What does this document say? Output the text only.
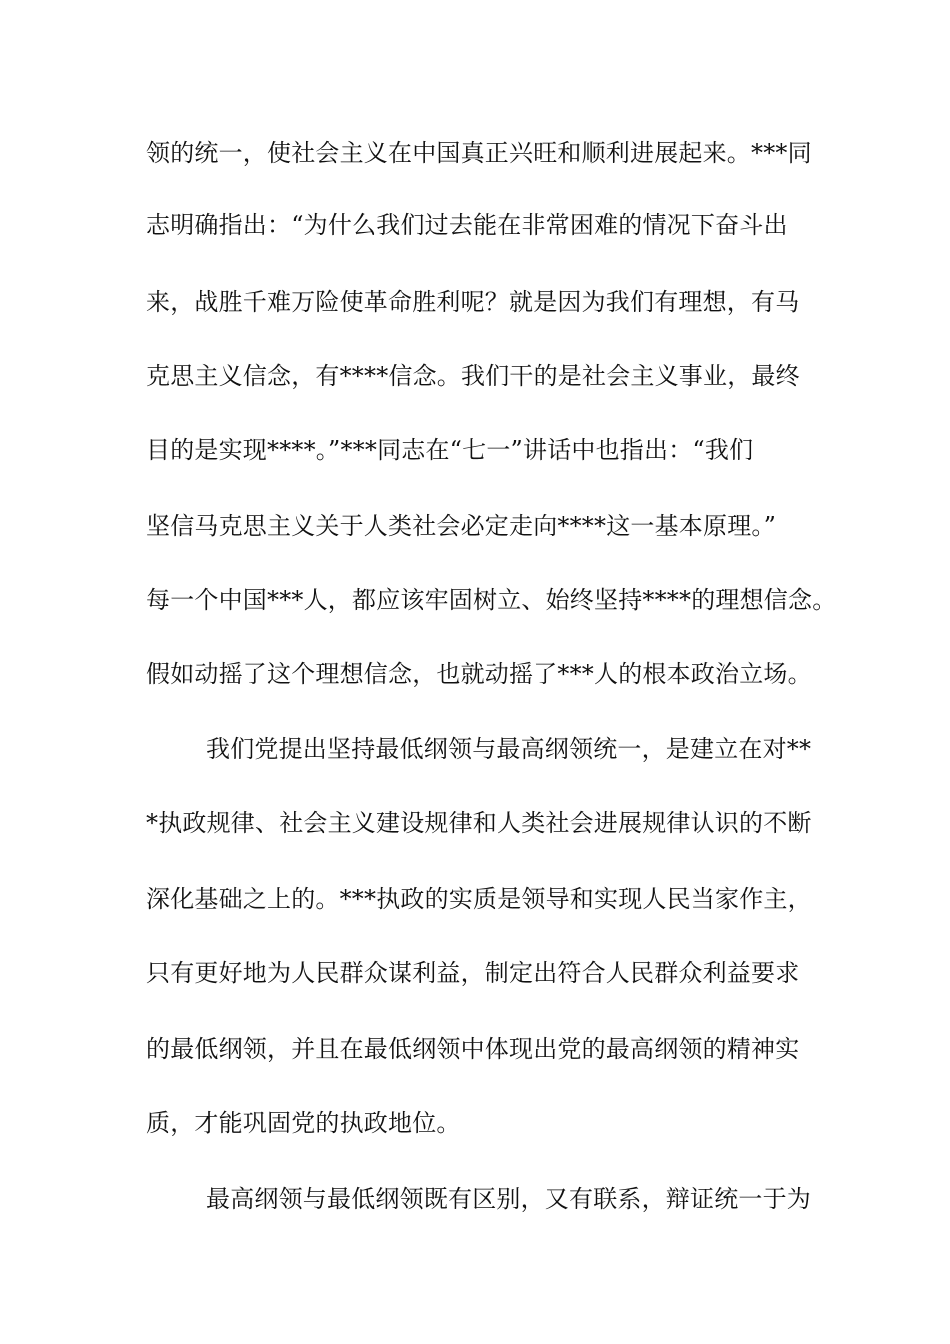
领的统一，使社会主义在中国真正兴旺和顺利进展起来。***同
志明确指出：“为什么我们过去能在非常困难的情况下奋斗出
来，战胜千难万险使革命胜利呢？就是因为我们有理想，有马
克思主义信念，有****信念。我们干的是社会主义事业，最终
目的是实现****。”***同志在“七一”讲话中也指出：“我们
坚信马克思主义关于人类社会必定走向****这一基本原理。”
每一个中国***人，都应该牢固树立、始终坚持****的理想信念。
假如动摇了这个理想信念，也就动摇了***人的根本政治立场。
我们党提出坚持最低纲领与最高纲领统一，是建立在对**
*执政规律、社会主义建设规律和人类社会进展规律认识的不断
深化基础之上的。***执政的实质是领导和实现人民当家作主，
只有更好地为人民群众谋利益，制定出符合人民群众利益要求
的最低纲领，并且在最低纲领中体现出党的最高纲领的精神实
质，才能巩固党的执政地位。
最高纲领与最低纲领既有区别，又有联系，辩证统一于为
